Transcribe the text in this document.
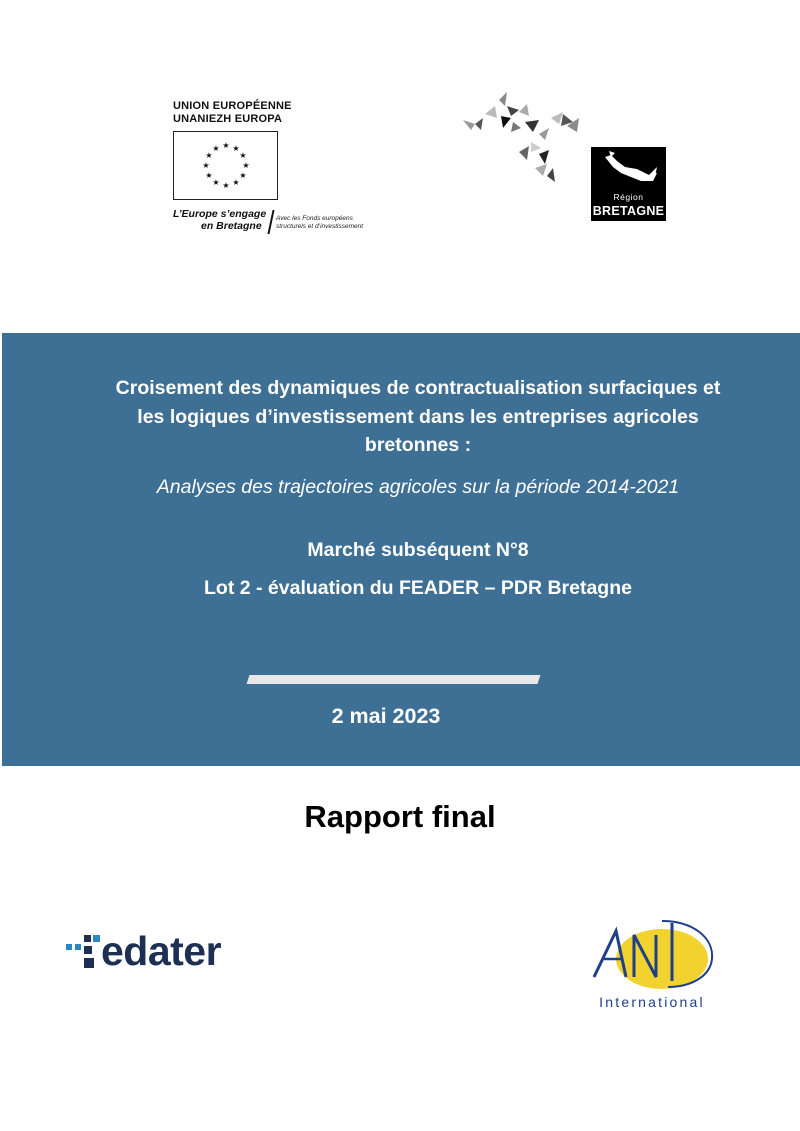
UNION EUROPÉENNE
UNANIEZH EUROPA
★ ★
★
★
★
★
★
★
★
★
★
★
L’Europe s’engage
en Bretagne
Avec les Fonds européens
structurels et d’investissement
Région
BRETAGNE
Croisement des dynamiques de contractualisation surfaciques et
les logiques d’investissement dans les entreprises agricoles
bretonnes :
Analyses des trajectoires agricoles sur la période 2014-2021
Marché subséquent N°8
Lot 2 - évaluation du FEADER – PDR Bretagne
2 mai 2023
Rapport final
edater
International
